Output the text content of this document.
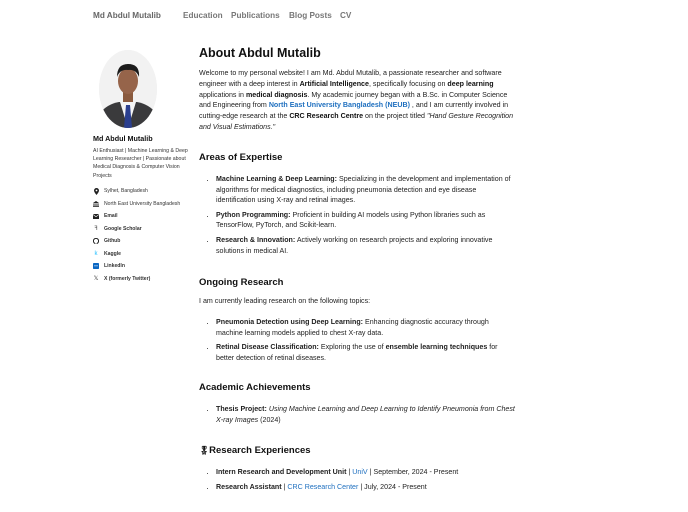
Md Abdul Mutalib	Education Publications Blog Posts CV
Md Abdul Mutalib
AI Enthusiast | Machine Learning & Deep Learning Researcher | Passionate about Medical Diagnosis & Computer Vision Projects
Sylhet, Bangladesh
North East University Bangladesh
Email
ꟻ Google Scholar
Github
k Kaggle
LinkedIn
𝕏 X (formerly Twitter)
About Abdul Mutalib
Welcome to my personal website! I am Md. Abdul Mutalib, a passionate researcher and software engineer with a deep interest in Artificial Intelligence, specifically focusing on deep learning applications in medical diagnosis. My academic journey began with a B.Sc. in Computer Science and Engineering from North East University Bangladesh (NEUB) , and I am currently involved in cutting-edge research at the CRC Research Centre on the project titled "Hand Gesture Recognition and Visual Estimations."
Areas of Expertise
• Machine Learning & Deep Learning: Specializing in the development and implementation of algorithms for medical diagnostics, including pneumonia detection and eye disease identification using X-ray and retinal images.
• Python Programming: Proficient in building AI models using Python libraries such as TensorFlow, PyTorch, and Scikit-learn.
• Research & Innovation: Actively working on research projects and exploring innovative solutions in medical AI.
Ongoing Research
I am currently leading research on the following topics:
• Pneumonia Detection using Deep Learning: Enhancing diagnostic accuracy through machine learning models applied to chest X-ray data.
• Retinal Disease Classification: Exploring the use of ensemble learning techniques for better detection of retinal diseases.
Academic Achievements
• Thesis Project: Using Machine Learning and Deep Learning to Identify Pneumonia from Chest X-ray Images (2024)
🎖Research Experiences
• Intern Research and Development Unit | UniV | September, 2024 - Present
• Research Assistant | CRC Research Center | July, 2024 - Present
